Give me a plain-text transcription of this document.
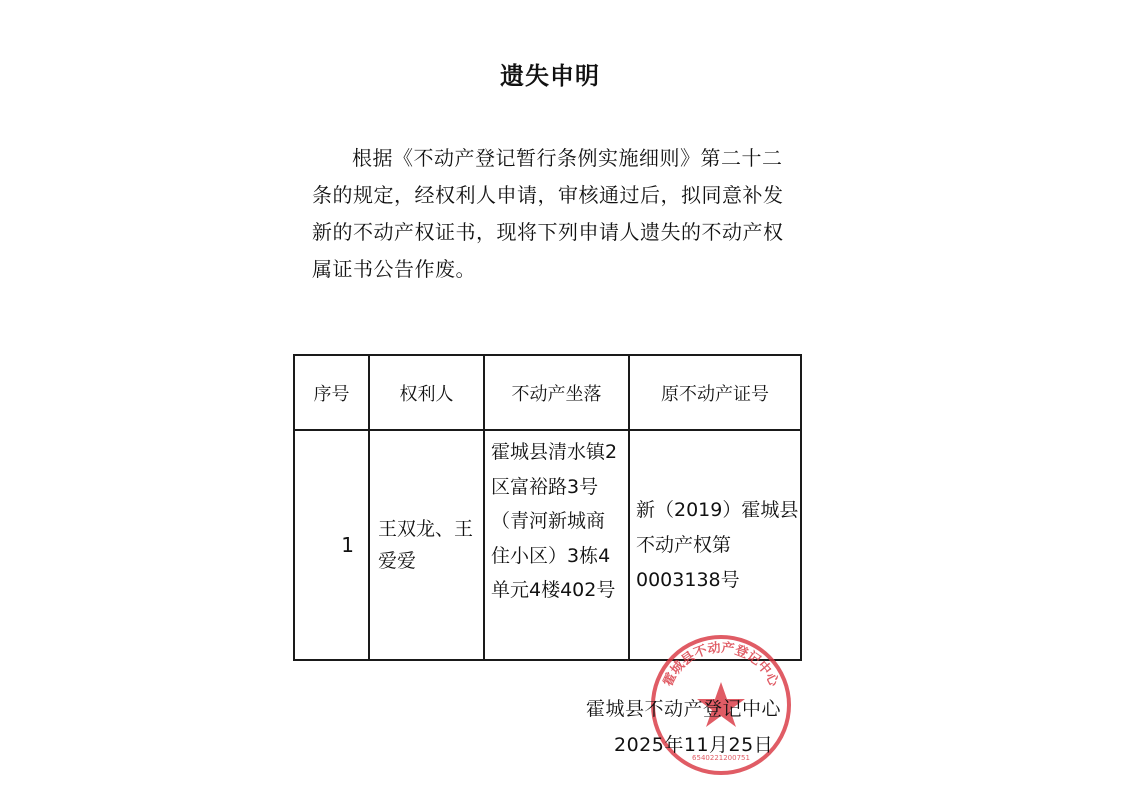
遗失申明
根据《不动产登记暂行条例实施细则》第二十二条的规定，经权利人申请，审核通过后，拟同意补发新的不动产权证书，现将下列申请人遗失的不动产权属证书公告作废。
序号	权利人	不动产坐落	原不动产证号
1	王双龙、王爱爱	霍城县清水镇2区富裕路3号（青河新城商住小区）3栋4单元4楼402号	新（2019）霍城县不动产权第0003138号
霍城县不动产登记中心
6540221200751
霍城县不动产登记中心
2025年11月25日
